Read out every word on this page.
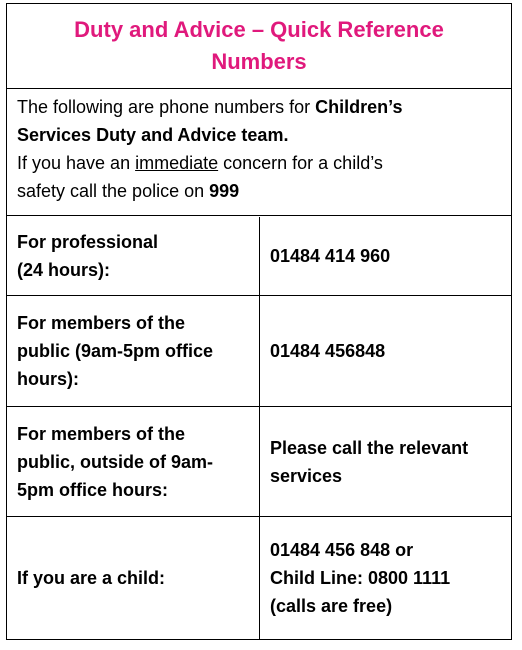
Duty and Advice – Quick Reference Numbers
The following are phone numbers for Children’s
Services Duty and Advice team.
If you have an immediate concern for a child’s
safety call the police on 999
For professional
(24 hours):
01484 414 960
For members of the
public (9am-5pm office
hours):
01484 456848
For members of the
public, outside of 9am-
5pm office hours:
Please call the relevant
services
If you are a child:
01484 456 848 or
Child Line: 0800 1111
(calls are free)
